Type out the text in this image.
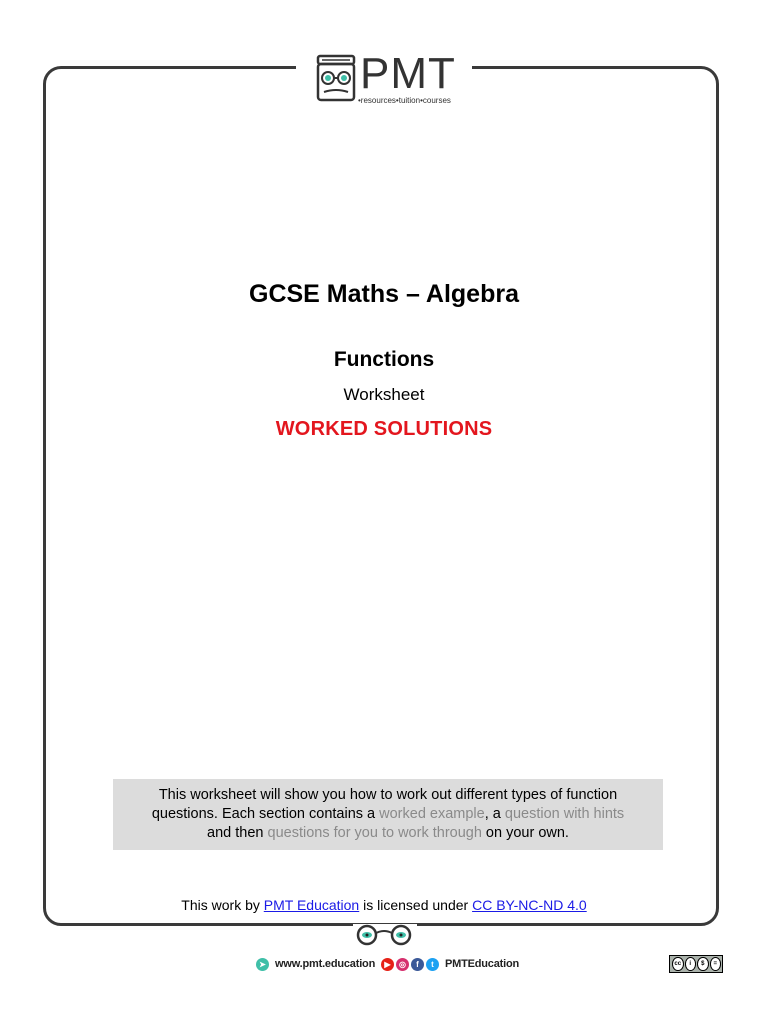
PMT
•resources•tuition•courses
GCSE Maths – Algebra
Functions
Worksheet
WORKED SOLUTIONS
This worksheet will show you how to work out different types of function
questions. Each section contains a worked example, a question with hints
and then questions for you to work through on your own.
This work by PMT Education is licensed under CC BY-NC-ND 4.0
➤ www.pmt.education	▶	◎	f	t	PMTEducation	cc	i	$	=
